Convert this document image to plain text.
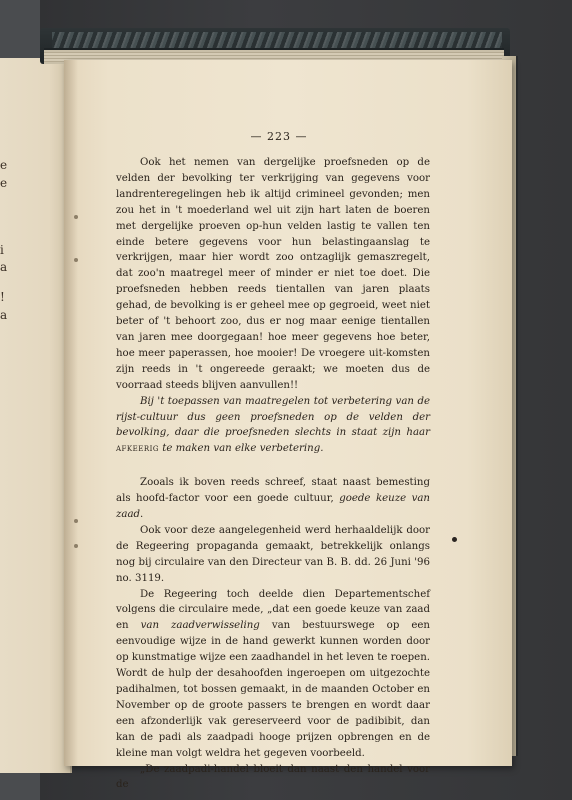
e
e
i
a
!
a
— 223 —

Ook het nemen van dergelijke proefsneden op de velden der bevolking ter verkrijging van gegevens voor landrenteregelingen heb ik altijd crimineel gevonden; men zou het in 't moederland wel uit zijn hart laten de boeren met dergelijke proeven op-hun velden lastig te vallen ten einde betere gegevens voor hun belastingaanslag te verkrijgen, maar hier wordt zoo ontzaglijk gemaszregelt, dat zoo'n maatregel meer of minder er niet toe doet. Die proefsneden hebben reeds tientallen van jaren plaats gehad, de bevolking is er geheel mee op gegroeid, weet niet beter of 't behoort zoo, dus er nog maar eenige tientallen van jaren mee doorgegaan! hoe meer gegevens hoe beter, hoe meer paperassen, hoe mooier! De vroegere uit-komsten zijn reeds in 't ongereede geraakt; we moeten dus de voorraad steeds blijven aanvullen!!

Bij 't toepassen van maatregelen tot verbetering van de rijst-cultuur dus geen proefsneden op de velden der bevolking, daar die proefsneden slechts in staat zijn haar afkeerig te maken van elke verbetering.

Zooals ik boven reeds schreef, staat naast bemesting als hoofd-factor voor een goede cultuur, goede keuze van zaad.

Ook voor deze aangelegenheid werd herhaaldelijk door de Regeering propaganda gemaakt, betrekkelijk onlangs nog bij circulaire van den Directeur van B. B. dd. 26 Juni '96 no. 3119.

De Regeering toch deelde dien Departementschef volgens die circulaire mede, „dat een goede keuze van zaad en van zaadverwisseling van bestuurswege op een eenvoudige wijze in de hand gewerkt kunnen worden door op kunstmatige wijze een zaadhandel in het leven te roepen. Wordt de hulp der desahoofden ingeroepen om uitgezochte padihalmen, tot bossen gemaakt, in de maanden October en November op de groote passers te brengen en wordt daar een afzonderlijk vak gereserveerd voor de padibibit, dan kan de padi als zaadpadi hooge prijzen opbrengen en de kleine man volgt weldra het gegeven voorbeeld.

„De zaadpadi-handel bloeit dan naast den handel voor de
